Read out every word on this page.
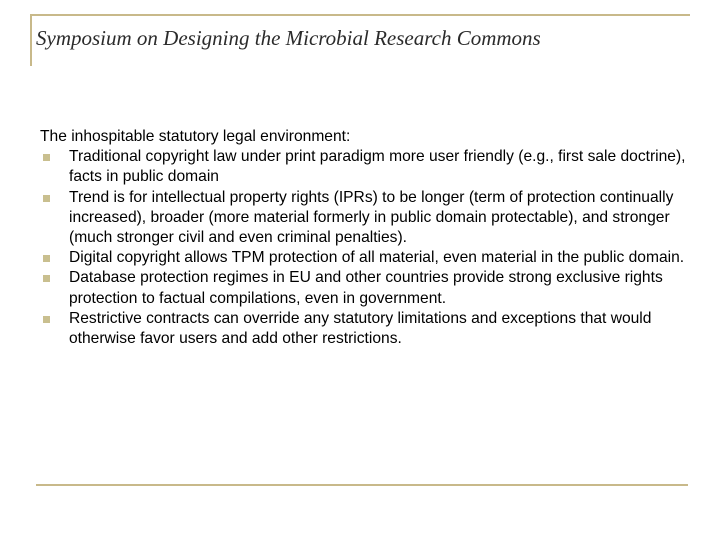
Symposium on Designing the Microbial Research Commons

The inhospitable statutory legal environment:

Traditional copyright law under print paradigm more user friendly (e.g., first sale doctrine), facts in public domain
Trend is for intellectual property rights (IPRs) to be longer (term of protection continually increased), broader (more material formerly in public domain protectable), and stronger (much stronger civil and even criminal penalties).
Digital copyright allows TPM protection of all material, even material in the public domain.
Database protection regimes in EU and other countries provide strong exclusive rights protection to factual compilations, even in government.
Restrictive contracts can override any statutory limitations and exceptions that would otherwise favor users and add other restrictions.
